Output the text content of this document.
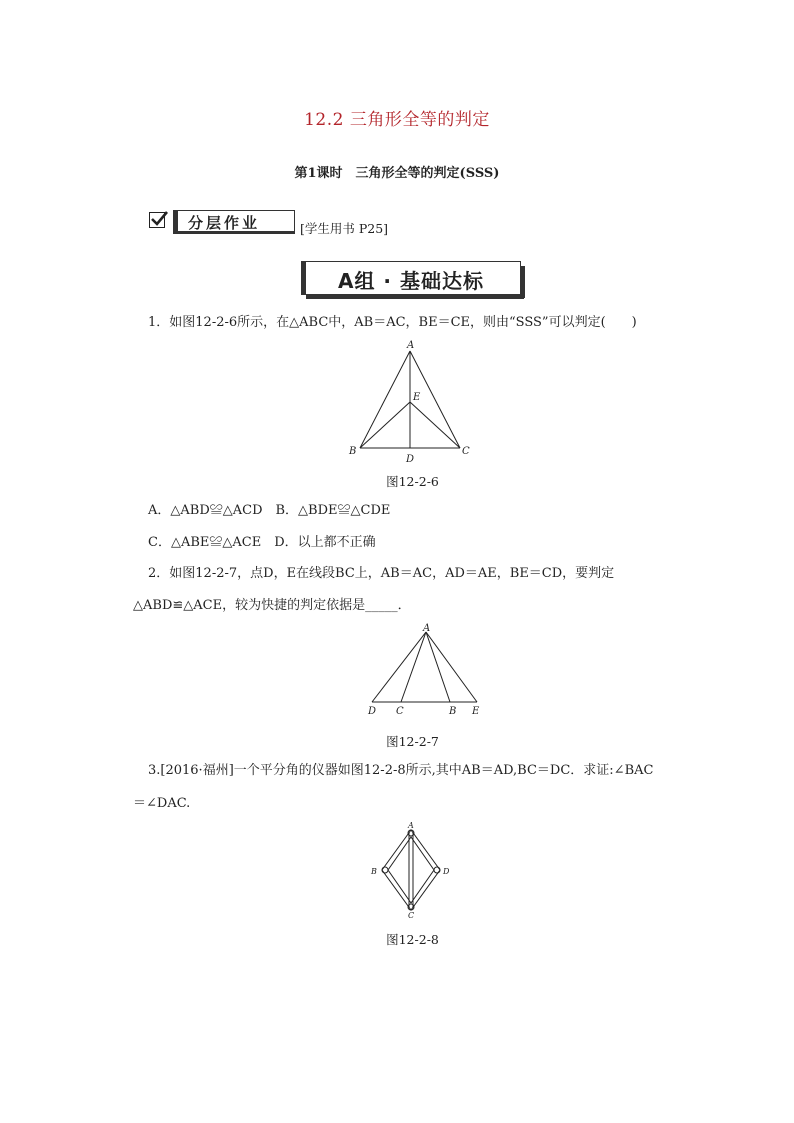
12.2 三角形全等的判定
第1课时　三角形全等的判定(SSS)
分层作业	[学生用书 P25]
A组 · 基础达标
1．如图12-2-6所示，在△ABC中，AB＝AC，BE＝CE，则由“SSS”可以判定(　　)
A
B	C
D
E
图12-2-6
A．△ABD≌△ACD　B．△BDE≌△CDE
C．△ABE≌△ACE　D．以上都不正确
2．如图12-2-7，点D，E在线段BC上，AB＝AC，AD＝AE，BE＝CD，要判定
△ABD≌△ACE，较为快捷的判定依据是_____．
A
D C	B E
图12-2-7
3.[2016·福州]一个平分角的仪器如图12-2-8所示,其中AB＝AD,BC＝DC．求证:∠BAC
＝∠DAC.
A
B
C
D
图12-2-8
